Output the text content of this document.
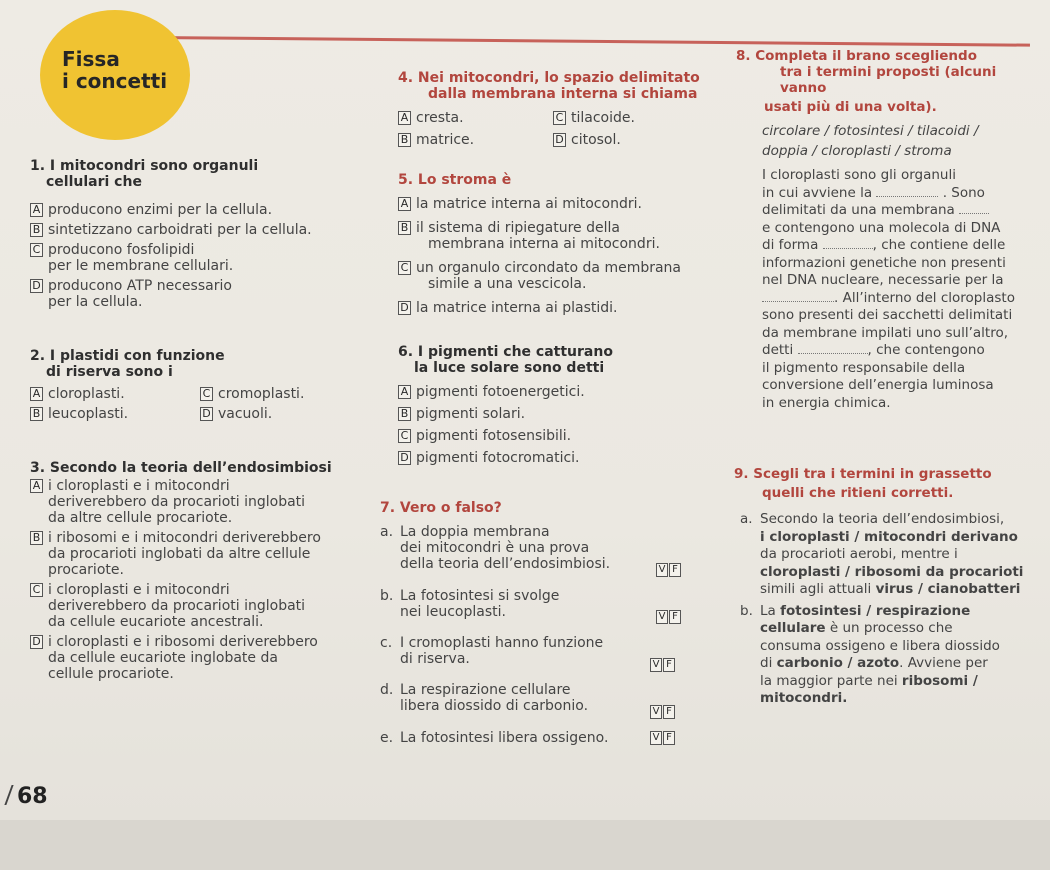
Fissa
i concetti
1. I mitocondri sono organuli
cellulari che
A producono enzimi per la cellula.
B sintetizzano carboidrati per la cellula.
C producono fosfolipidi
per le membrane cellulari.
D producono ATP necessario
per la cellula.
2. I plastidi con funzione
di riserva sono i
A cloroplasti.	C cromoplasti.
B leucoplasti.	D vacuoli.
3. Secondo la teoria dell’endosimbiosi
A i cloroplasti e i mitocondri
deriverebbero da procarioti inglobati
da altre cellule procariote.
B i ribosomi e i mitocondri deriverebbero
da procarioti inglobati da altre cellule
procariote.
C i cloroplasti e i mitocondri
deriverebbero da procarioti inglobati
da cellule eucariote ancestrali.
D i cloroplasti e i ribosomi deriverebbero
da cellule eucariote inglobate da
cellule procariote.
4. Nei mitocondri, lo spazio delimitato
dalla membrana interna si chiama
A cresta.	C tilacoide.
B matrice.	D citosol.
5. Lo stroma è
A la matrice interna ai mitocondri.
B il sistema di ripiegature della
membrana interna ai mitocondri.
C un organulo circondato da membrana
simile a una vescicola.
D la matrice interna ai plastidi.
6. I pigmenti che catturano
la luce solare sono detti
A pigmenti fotoenergetici.
B pigmenti solari.
C pigmenti fotosensibili.
D pigmenti fotocromatici.
7. Vero o falso?
a. La doppia membrana
dei mitocondri è una prova
della teoria dell’endosimbiosi.	V F
b. La fotosintesi si svolge
nei leucoplasti.	V F
c. I cromoplasti hanno funzione
di riserva.	V F
d. La respirazione cellulare
libera diossido di carbonio.	V F
e. La fotosintesi libera ossigeno.	V F
8. Completa il brano scegliendo
tra i termini proposti (alcuni vanno
usati più di una volta).
circolare / fotosintesi / tilacoidi /
doppia / cloroplasti / stroma
I cloroplasti sono gli organuli
in cui avviene la	. Sono
delimitati da una membrana
e contengono una molecola di DNA
di forma	, che contiene delle
informazioni genetiche non presenti
nel DNA nucleare, necessarie per la
. All’interno del cloroplasto
sono presenti dei sacchetti delimitati
da membrane impilati uno sull’altro,
detti	, che contengono
il pigmento responsabile della
conversione dell’energia luminosa
in energia chimica.
9. Scegli tra i termini in grassetto
quelli che ritieni corretti.
a. Secondo la teoria dell’endosimbiosi,
i cloroplasti / mitocondri derivano
da procarioti aerobi, mentre i
cloroplasti / ribosomi da procarioti
simili agli attuali virus / cianobatteri
b. La fotosintesi / respirazione
cellulare è un processo che
consuma ossigeno e libera diossido
di carbonio / azoto. Avviene per
la maggior parte nei ribosomi /
mitocondri.
68
